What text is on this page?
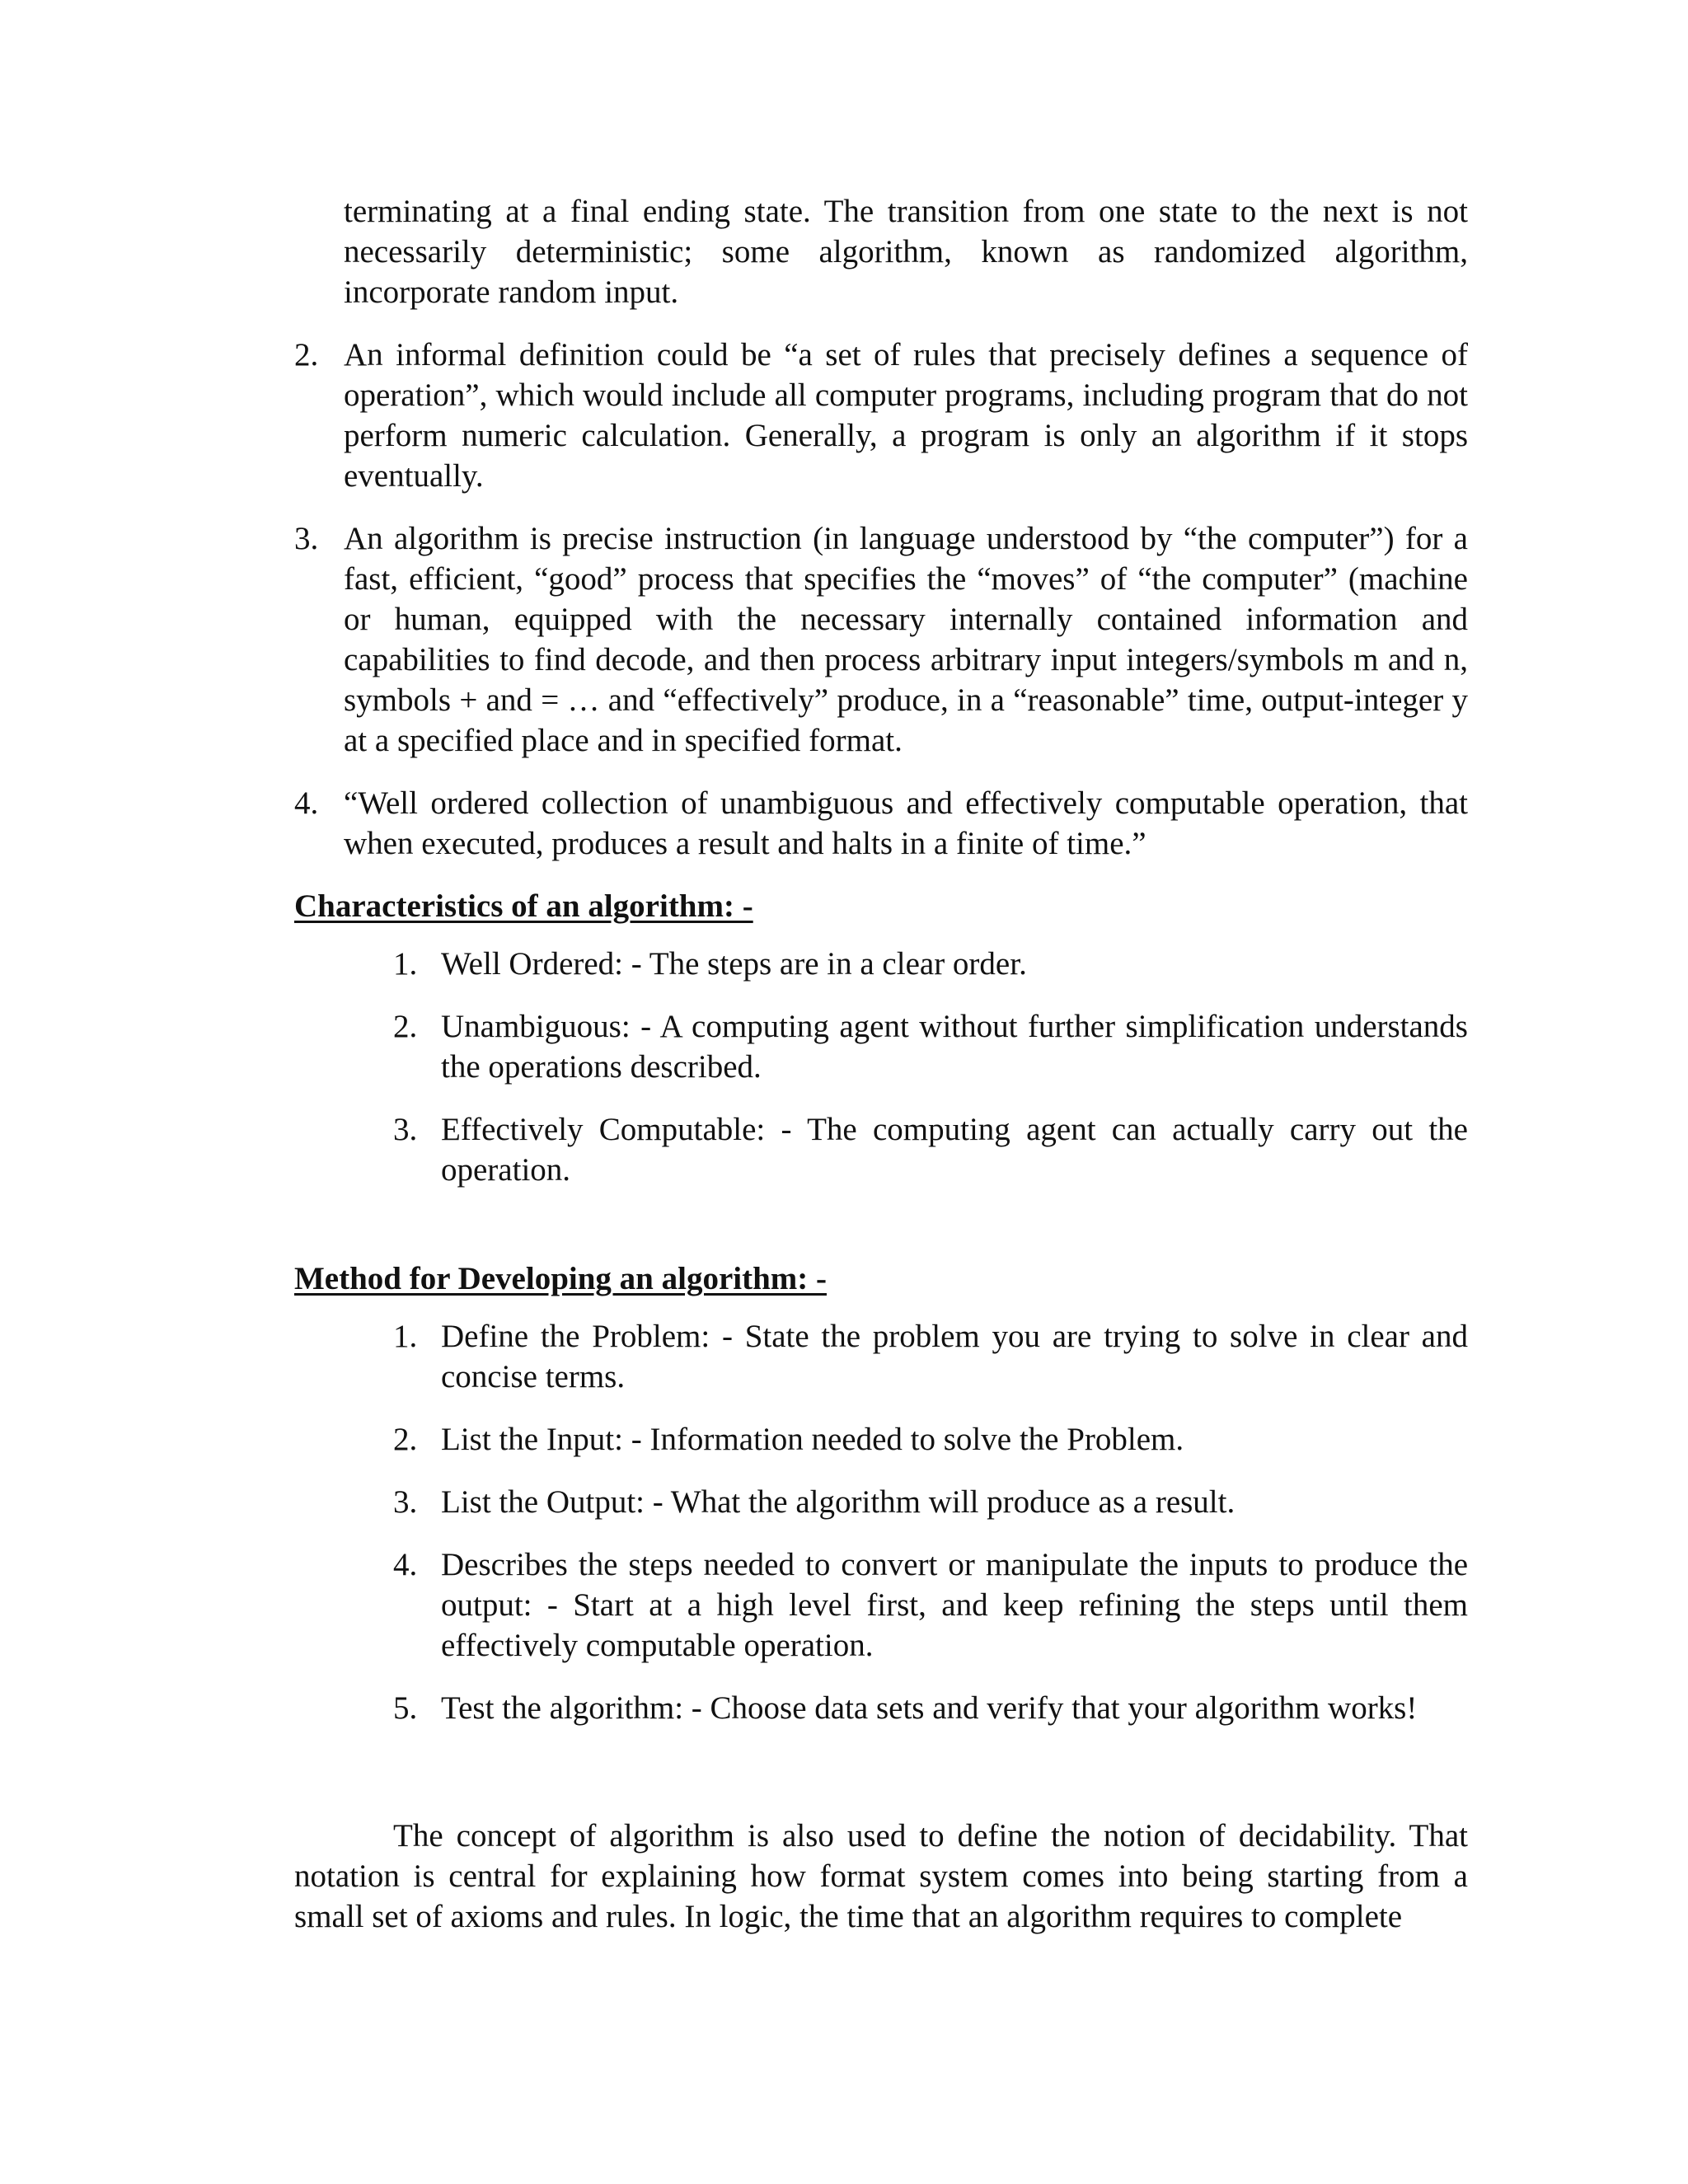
terminating at a final ending state. The transition from one state to the next is not necessarily deterministic; some algorithm, known as randomized algorithm, incorporate random input.

2. An informal definition could be “a set of rules that precisely defines a sequence of operation”, which would include all computer programs, including program that do not perform numeric calculation. Generally, a program is only an algorithm if it stops eventually.

3. An algorithm is precise instruction (in language understood by “the computer”) for a fast, efficient, “good” process that specifies the “moves” of “the computer” (machine or human, equipped with the necessary internally contained information and capabilities to find decode, and then process arbitrary input integers/symbols m and n, symbols + and = … and “effectively” produce, in a “reasonable” time, output-integer y at a specified place and in specified format.

4. “Well ordered collection of unambiguous and effectively computable operation, that when executed, produces a result and halts in a finite of time.”

Characteristics of an algorithm: -
1. Well Ordered: - The steps are in a clear order.

2. Unambiguous: - A computing agent without further simplification understands the operations described.

3. Effectively Computable: - The computing agent can actually carry out the operation.

Method for Developing an algorithm: -
1. Define the Problem: - State the problem you are trying to solve in clear and concise terms.

2. List the Input: - Information needed to solve the Problem.

3. List the Output: - What the algorithm will produce as a result.

4. Describes the steps needed to convert or manipulate the inputs to produce the output: - Start at a high level first, and keep refining the steps until them effectively computable operation.

5. Test the algorithm: - Choose data sets and verify that your algorithm works!

The concept of algorithm is also used to define the notion of decidability. That notation is central for explaining how format system comes into being starting from a small set of axioms and rules. In logic, the time that an algorithm requires to complete
